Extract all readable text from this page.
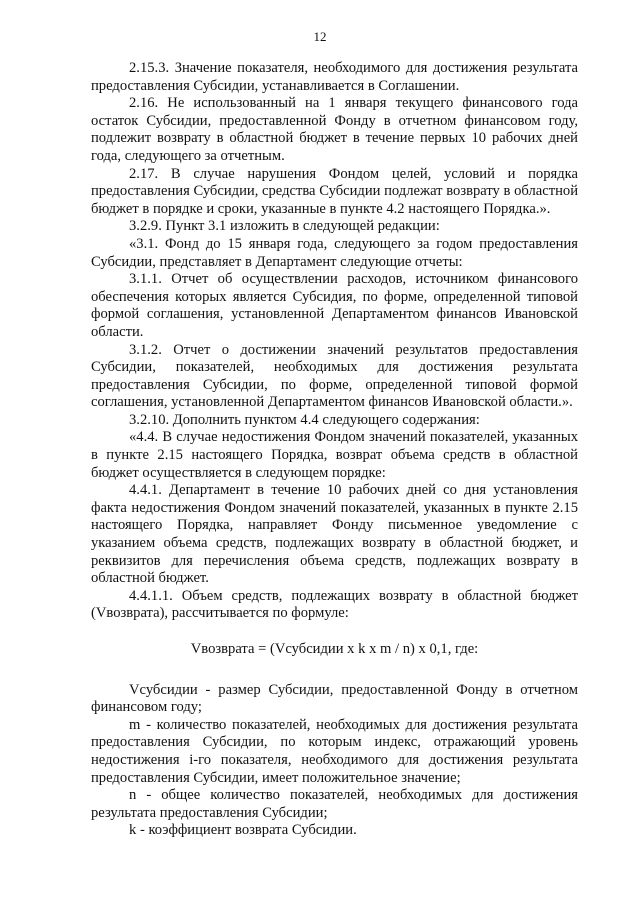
12

2.15.3. Значение показателя, необходимого для достижения результата предоставления Субсидии, устанавливается в Соглашении.

2.16. Не использованный на 1 января текущего финансового года остаток Субсидии, предоставленной Фонду в отчетном финансовом году, подлежит возврату в областной бюджет в течение первых 10 рабочих дней года, следующего за отчетным.

2.17. В случае нарушения Фондом целей, условий и порядка предоставления Субсидии, средства Субсидии подлежат возврату в областной бюджет в порядке и сроки, указанные в пункте 4.2 настоящего Порядка.».

3.2.9. Пункт 3.1 изложить в следующей редакции:

«3.1. Фонд до 15 января года, следующего за годом предоставления Субсидии, представляет в Департамент следующие отчеты:

3.1.1. Отчет об осуществлении расходов, источником финансового обеспечения которых является Субсидия, по форме, определенной типовой формой соглашения, установленной Департаментом финансов Ивановской области.

3.1.2. Отчет о достижении значений результатов предоставления Субсидии, показателей, необходимых для достижения результата предоставления Субсидии, по форме, определенной типовой формой соглашения, установленной Департаментом финансов Ивановской области.».

3.2.10. Дополнить пунктом 4.4 следующего содержания:

«4.4. В случае недостижения Фондом значений показателей, указанных в пункте 2.15 настоящего Порядка, возврат объема средств в областной бюджет осуществляется в следующем порядке:

4.4.1. Департамент в течение 10 рабочих дней со дня установления факта недостижения Фондом значений показателей, указанных в пункте 2.15 настоящего Порядка, направляет Фонду письменное уведомление с указанием объема средств, подлежащих возврату в областной бюджет, и реквизитов для перечисления объема средств, подлежащих возврату в областной бюджет.

4.4.1.1. Объем средств, подлежащих возврату в областной бюджет (Vвозврата), рассчитывается по формуле:

Vвозврата = (Vсубсидии x k x m / n) x 0,1, где:

Vсубсидии - размер Субсидии, предоставленной Фонду в отчетном финансовом году;

m - количество показателей, необходимых для достижения результата предоставления Субсидии, по которым индекс, отражающий уровень недостижения i-го показателя, необходимого для достижения результата предоставления Субсидии, имеет положительное значение;

n - общее количество показателей, необходимых для достижения результата предоставления Субсидии;

k - коэффициент возврата Субсидии.
